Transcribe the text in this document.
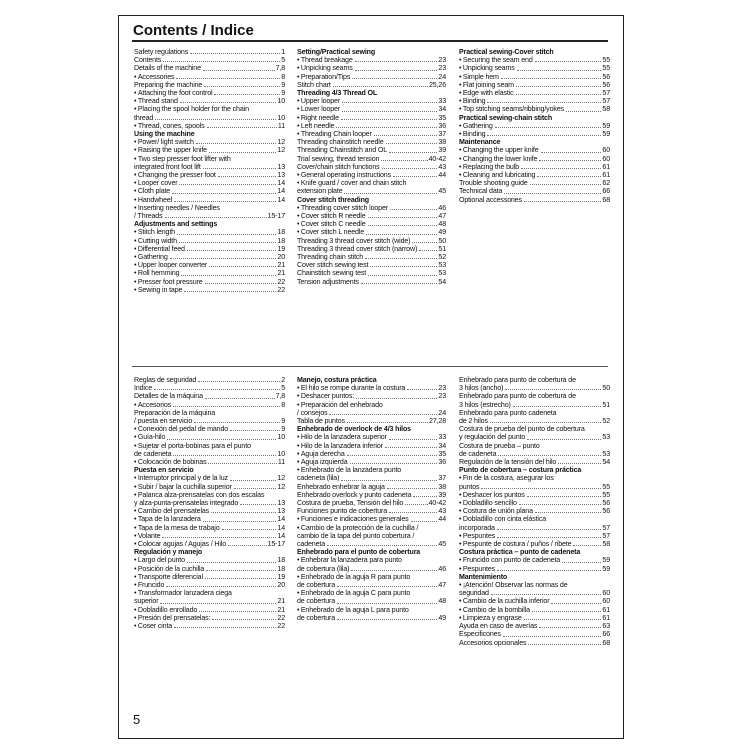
Contents / Indice
Safety regulations	1
Contents	5
Details of the machine	7,8
• Accessories	8
Preparing the machine	9
• Attaching the foot control	9
• Thread stand	10
• Placing the spool holder for the chain
thread	10
• Thread, cones, spools	11
Using the machine
• Power/ light switch	12
• Raising the upper knife	12
• Two step presser foot lifter with
integrated front foot lift	13
• Changing the presser foot	13
• Looper cover	14
• Cloth plate	14
• Handwheel	14
• Inserting needles / Needles
/ Threads	15-17
Adjustments and settings
• Stitch length	18
• Cutting width	18
• Differential feed	19
• Gathering	20
• Upper looper converter	21
• Roll hemming	21
• Presser foot pressure	22
• Sewing in tape	22
Setting/Practical sewing
• Thread breakage	23
• Unpicking seams	23
• Preparation/Tips	24
Stitch chart	25,26
Threading 4/3 Thread OL
• Upper looper	33
• Lower looper	34
• Right needle	35
• Left needle	36
• Threading Chain looper	37
Threading chainstitch needle	38
Threading Chainstitch and OL	39
Trial sewing, thread tension	40-42
Cover/chain stitch functions	43
• General operating instructions	44
• Knife guard / cover and chain stitch
extension plate	45
Cover stitch threading
• Threading cover stitch looper	46
• Cover stitch R needle	47
• Cover stitch C needle	48
• Cover stitch L needle	49
Threading 3 thread cover stitch (wide)	50
Threading 3 thread cover stitch (narrow)	51
Threading chain stitch	52
Cover stitch sewing test	53
Chainstitch sewing test	53
Tension adjustments	54
Practical sewing-Cover stitch
• Securing the seam end	55
• Unpicking seams	55
• Simple hem	56
• Flat joining seam	56
• Edge with elastic	57
• Binding	57
• Top stitching seams/ribbing/yokes	58
Practical sewing-chain stitch
• Gathering	59
• Binding	59
Maintenance
• Changing the upper knife	60
• Changing the lower knife	60
• Replacing the bulb	61
• Cleaning and lubricating	61
Trouble shooting guide	62
Technical data	66
Optional accessories	68
Reglas de seguridad	2
Indice	5
Detalles de la máquina	7,8
• Accesorios	8
Preparación de la máquina
/ puesta en servicio	9
• Conexión del pedal de mando	9
• Guía-hilo	10
• Sujetar el porta-bobinas para el punto
de cadeneta	10
• Colocación de bobinas	11
Puesta en servicio
• Interruptor principal y de la luz	12
• Subir / bajar la cuchilla superior	12
• Palanca alza-prensatelas con dos escalas
y alza-punta-prensatelas integrado	13
• Cambio del prensatelas	13
• Tapa de la lanzadera	14
• Tapa de la mesa de trabajo	14
• Volante	14
• Colocar agujas / Agujas / Hilo	15-17
Regulación y manejo
• Largo del punto	18
• Posición de la cuchilla	18
• Transporte diferencial	19
• Fruncido	20
• Transformador lanzadera ciega
superior	21
• Dobladillo enrollado	21
• Presión del prensatelas:	22
• Coser cinta	22
Manejo, costura práctica
• El hilo se rompe durante la costura	23
• Deshacer puntos:	23
• Preparación del enhebrado
/ consejos	24
Tabla de puntos	27,28
Enhebrado de overlock de 4/3 hilos
• Hilo de la lanzadera superior	33
• Hilo de la lanzadera inferior	34
• Aguja derecha	35
• Aguja izquierda	36
• Enhebrado de la lanzadera punto
cadeneta (lila)	37
Enhebrado enhebrar la aguja	38
Enhebrado overlock y punto cadeneta	39
Costura de prueba, Tensión del hilo	40-42
Funciones punto de cobertura	43
• Funciones e indicaciones generales	44
• Cambio de la protección de la cuchilla /
cambio de la tapa del punto cobertura /
cadeneta	45
Enhebrado para el punto de cobertura
• Enhebrar la lanzadera para punto
de cobertura (lila)	46
• Enhebrado de la aguja R para punto
de cobertura	47
• Enhebrado de la aguja C para punto
de cobertura	48
• Enhebrado de la aguja L para punto
de cobertura	49
Enhebrado para punto de cobertura de
3 hilos (ancho)	50
Enhebrado para punto de cobertura de
3 hilos (estrecho)	51
Enhebrado para punto cadeneta
de 2 hilos	52
Costura de prueba del punto de cobertura
y regulación del punto	53
Costura de prueba – punto
de cadeneta	53
Regulación de la tensión del hilo	54
Punto de cobertura – costura práctica
• Fin de la costura, asegurar los
puntos	55
• Deshacer los puntos	55
• Dobladillo sencillo	56
• Costura de unión plana	56
• Dobladillo con cinta elástica
incorporada	57
• Pespuntes	57
• Pespunte de costura / puños / ribete	58
Costura práctica – punto de cadeneta
• Fruncido con punto de cadeneta	59
• Pespuntes	59
Mantenimiento
• ¡Atención! Observar las normas de
seguridad	60
• Cambio de la cuchilla inferior	60
• Cambio de la bombilla	61
• Limpieza y engrase	61
Ayuda en caso de averías	63
Especificones	66
Accesorios opcionales	68
5
